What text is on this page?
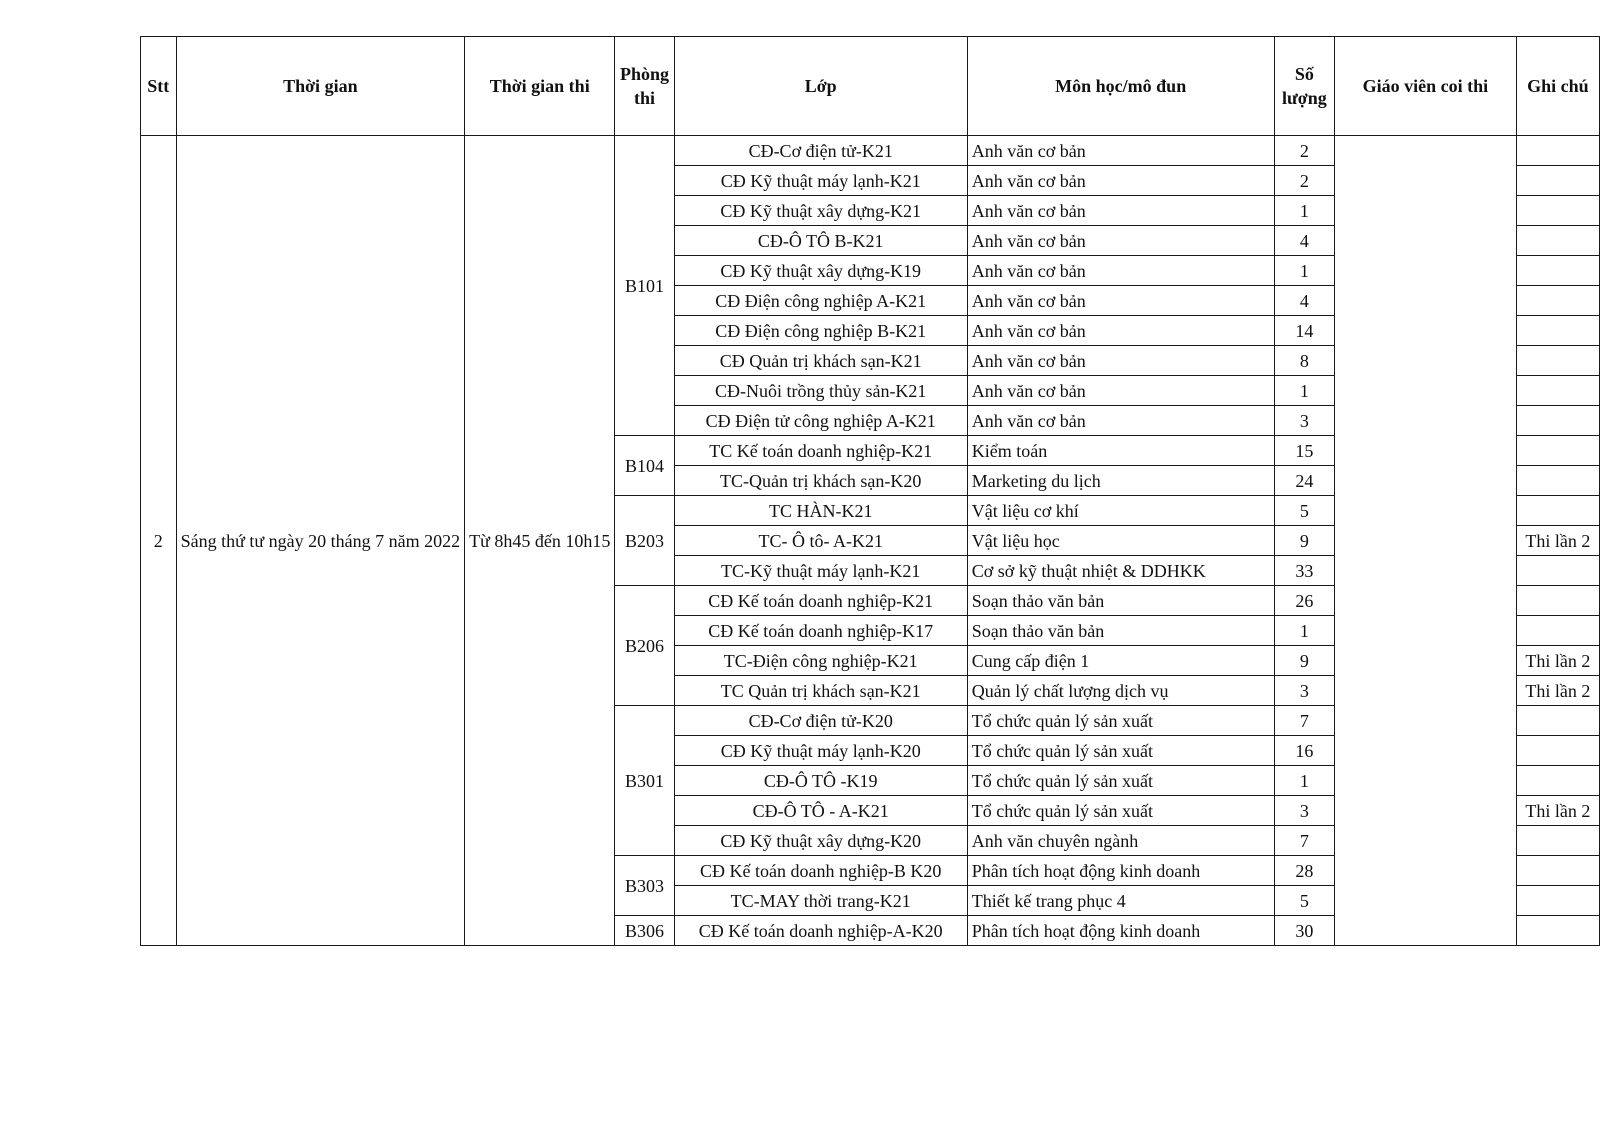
Stt	Thời gian	Thời gian thi	Phòng thi	Lớp	Môn học/mô đun	Số lượng	Giáo viên coi thi	Ghi chú
2	Sáng thứ tư ngày 20 tháng 7 năm 2022	Từ 8h45 đến 10h15	B101	CĐ-Cơ điện tử-K21	Anh văn cơ bản	2		
				CĐ Kỹ thuật máy lạnh-K21	Anh văn cơ bản	2		
				CĐ Kỹ thuật xây dựng-K21	Anh văn cơ bản	1		
				CĐ-Ô TÔ B-K21	Anh văn cơ bản	4		
				CĐ Kỹ thuật xây dựng-K19	Anh văn cơ bản	1		
				CĐ Điện công nghiệp A-K21	Anh văn cơ bản	4		
				CĐ Điện công nghiệp B-K21	Anh văn cơ bản	14		
				CĐ Quản trị khách sạn-K21	Anh văn cơ bản	8		
				CĐ-Nuôi trồng thủy sản-K21	Anh văn cơ bản	1		
				CĐ Điện tử công nghiệp A-K21	Anh văn cơ bản	3		
			B104	TC Kế toán doanh nghiệp-K21	Kiểm toán	15		
				TC-Quản trị khách sạn-K20	Marketing du lịch	24		
			B203	TC HÀN-K21	Vật liệu cơ khí	5		
				TC- Ô tô- A-K21	Vật liệu học	9		Thi lần 2
				TC-Kỹ thuật máy lạnh-K21	Cơ sở kỹ thuật nhiệt & DDHKK	33		
			B206	CĐ Kế toán doanh nghiệp-K21	Soạn thảo văn bản	26		
				CĐ Kế toán doanh nghiệp-K17	Soạn thảo văn bản	1		
				TC-Điện công nghiệp-K21	Cung cấp điện 1	9		Thi lần 2
				TC Quản trị khách sạn-K21	Quản lý chất lượng dịch vụ	3		Thi lần 2
			B301	CĐ-Cơ điện tử-K20	Tổ chức quản lý sản xuất	7		
				CĐ Kỹ thuật máy lạnh-K20	Tổ chức quản lý sản xuất	16		
				CĐ-Ô TÔ -K19	Tổ chức quản lý sản xuất	1		
				CĐ-Ô TÔ - A-K21	Tổ chức quản lý sản xuất	3		Thi lần 2
				CĐ Kỹ thuật xây dựng-K20	Anh văn chuyên ngành	7		
			B303	CĐ Kế toán doanh nghiệp-B K20	Phân tích hoạt động kinh doanh	28		
				TC-MAY thời trang-K21	Thiết kế trang phục 4	5		
			B306	CĐ Kế toán doanh nghiệp-A-K20	Phân tích hoạt động kinh doanh	30		
